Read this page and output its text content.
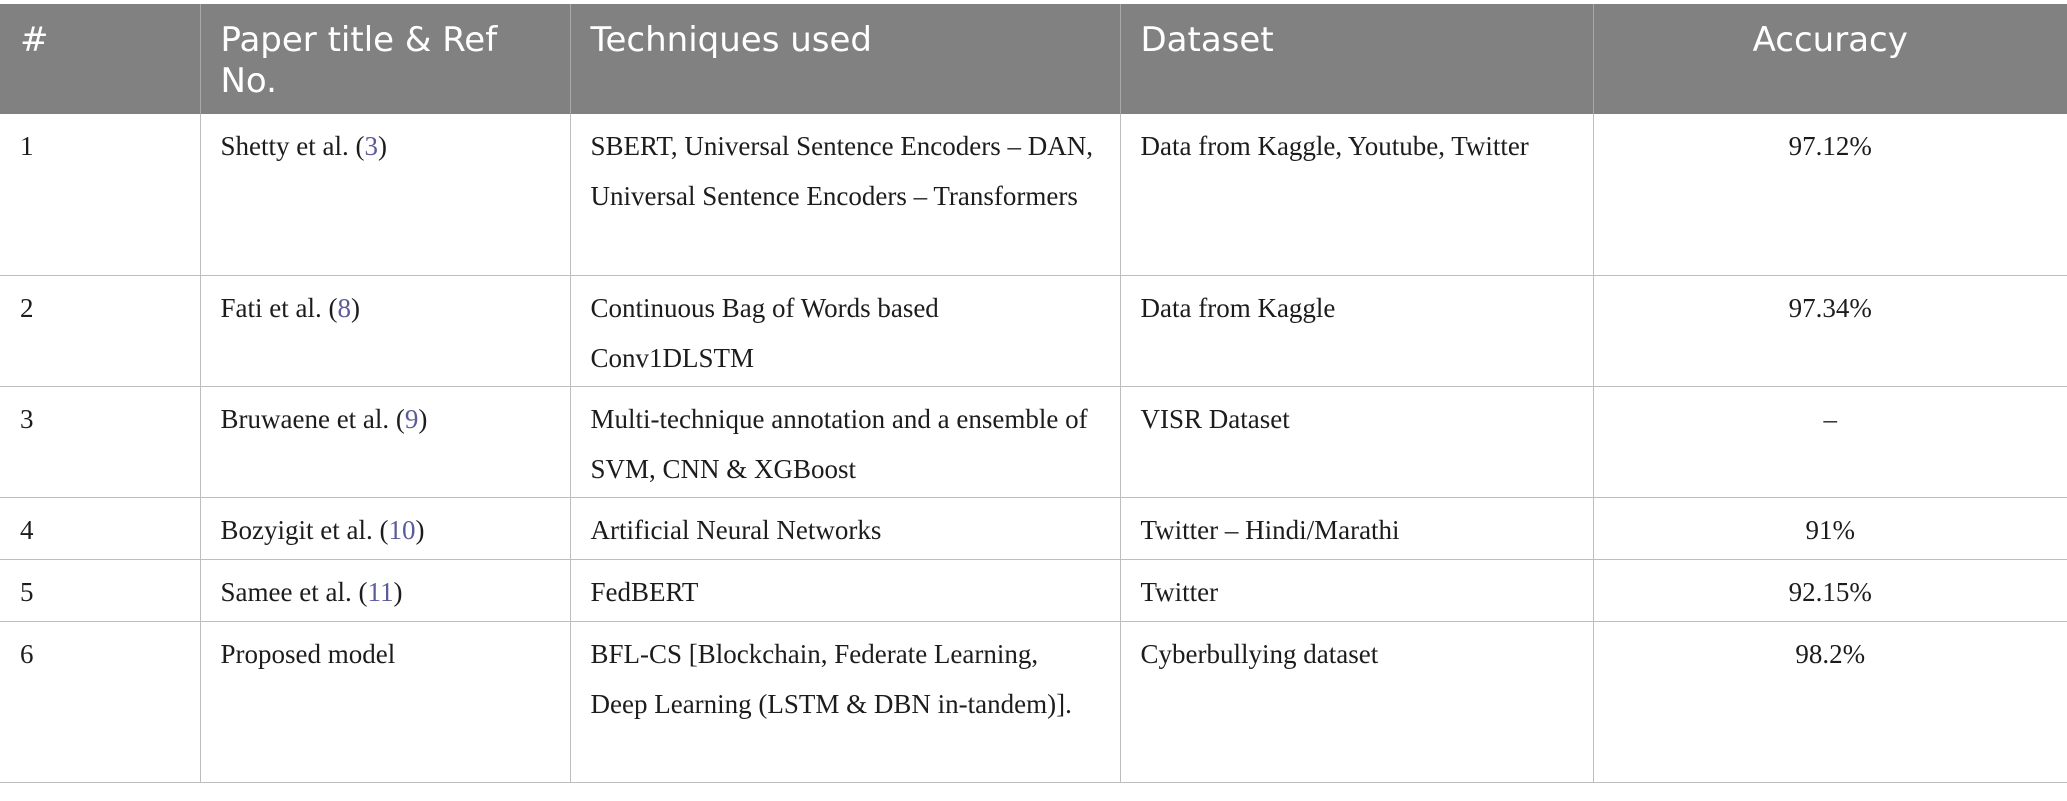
#	Paper title & Ref No.	Techniques used	Dataset	Accuracy
1	Shetty et al. (3)	SBERT, Universal Sentence Encoders – DAN, Universal Sentence Encoders – Transformers	Data from Kaggle, Youtube, Twitter	97.12%
2	Fati et al. (8)	Continuous Bag of Words based Conv1DLSTM	Data from Kaggle	97.34%
3	Bruwaene et al. (9)	Multi-technique annotation and a ensemble of SVM, CNN & XGBoost	VISR Dataset	–
4	Bozyigit et al. (10)	Artificial Neural Networks	Twitter – Hindi/Marathi	91%
5	Samee et al. (11)	FedBERT	Twitter	92.15%
6	Proposed model	BFL-CS [Blockchain, Federate Learning, Deep Learning (LSTM & DBN in-tandem)].	Cyberbullying dataset	98.2%
